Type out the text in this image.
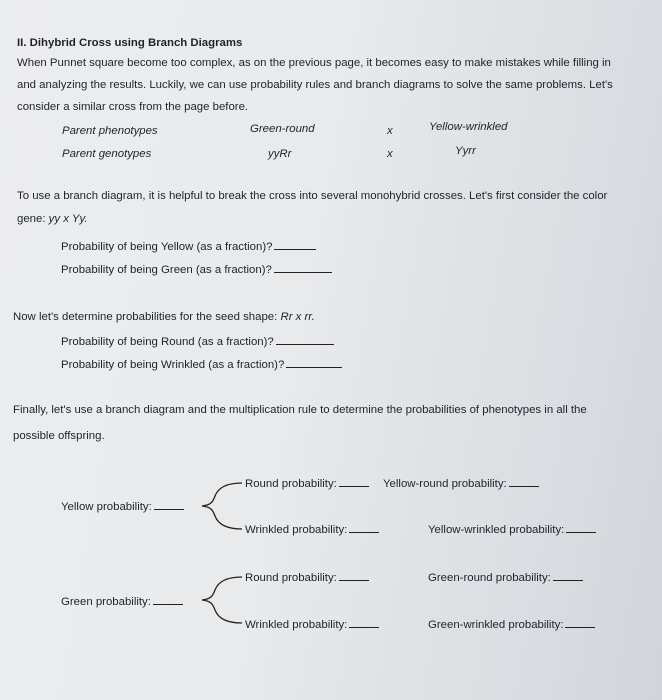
II. Dihybrid Cross using Branch Diagrams
When Punnet square become too complex, as on the previous page, it becomes easy to make mistakes while filling in
and analyzing the results. Luckily, we can use probability rules and branch diagrams to solve the same problems. Let's
consider a similar cross from the page before.
Parent phenotypes	Green-round	x	Yellow-wrinkled
Parent genotypes	yyRr	x	Yyrr
To use a branch diagram, it is helpful to break the cross into several monohybrid crosses. Let's first consider the color
gene: yy x Yy.
Probability of being Yellow (as a fraction)?
Probability of being Green (as a fraction)?
Now let's determine probabilities for the seed shape: Rr x rr.
Probability of being Round (as a fraction)?
Probability of being Wrinkled (as a fraction)?
Finally, let's use a branch diagram and the multiplication rule to determine the probabilities of phenotypes in all the
possible offspring.
Yellow probability:
Round probability:
Wrinkled probability:
Yellow-round probability:
Yellow-wrinkled probability:
Green probability:
Round probability:
Wrinkled probability:
Green-round probability:
Green-wrinkled probability:
